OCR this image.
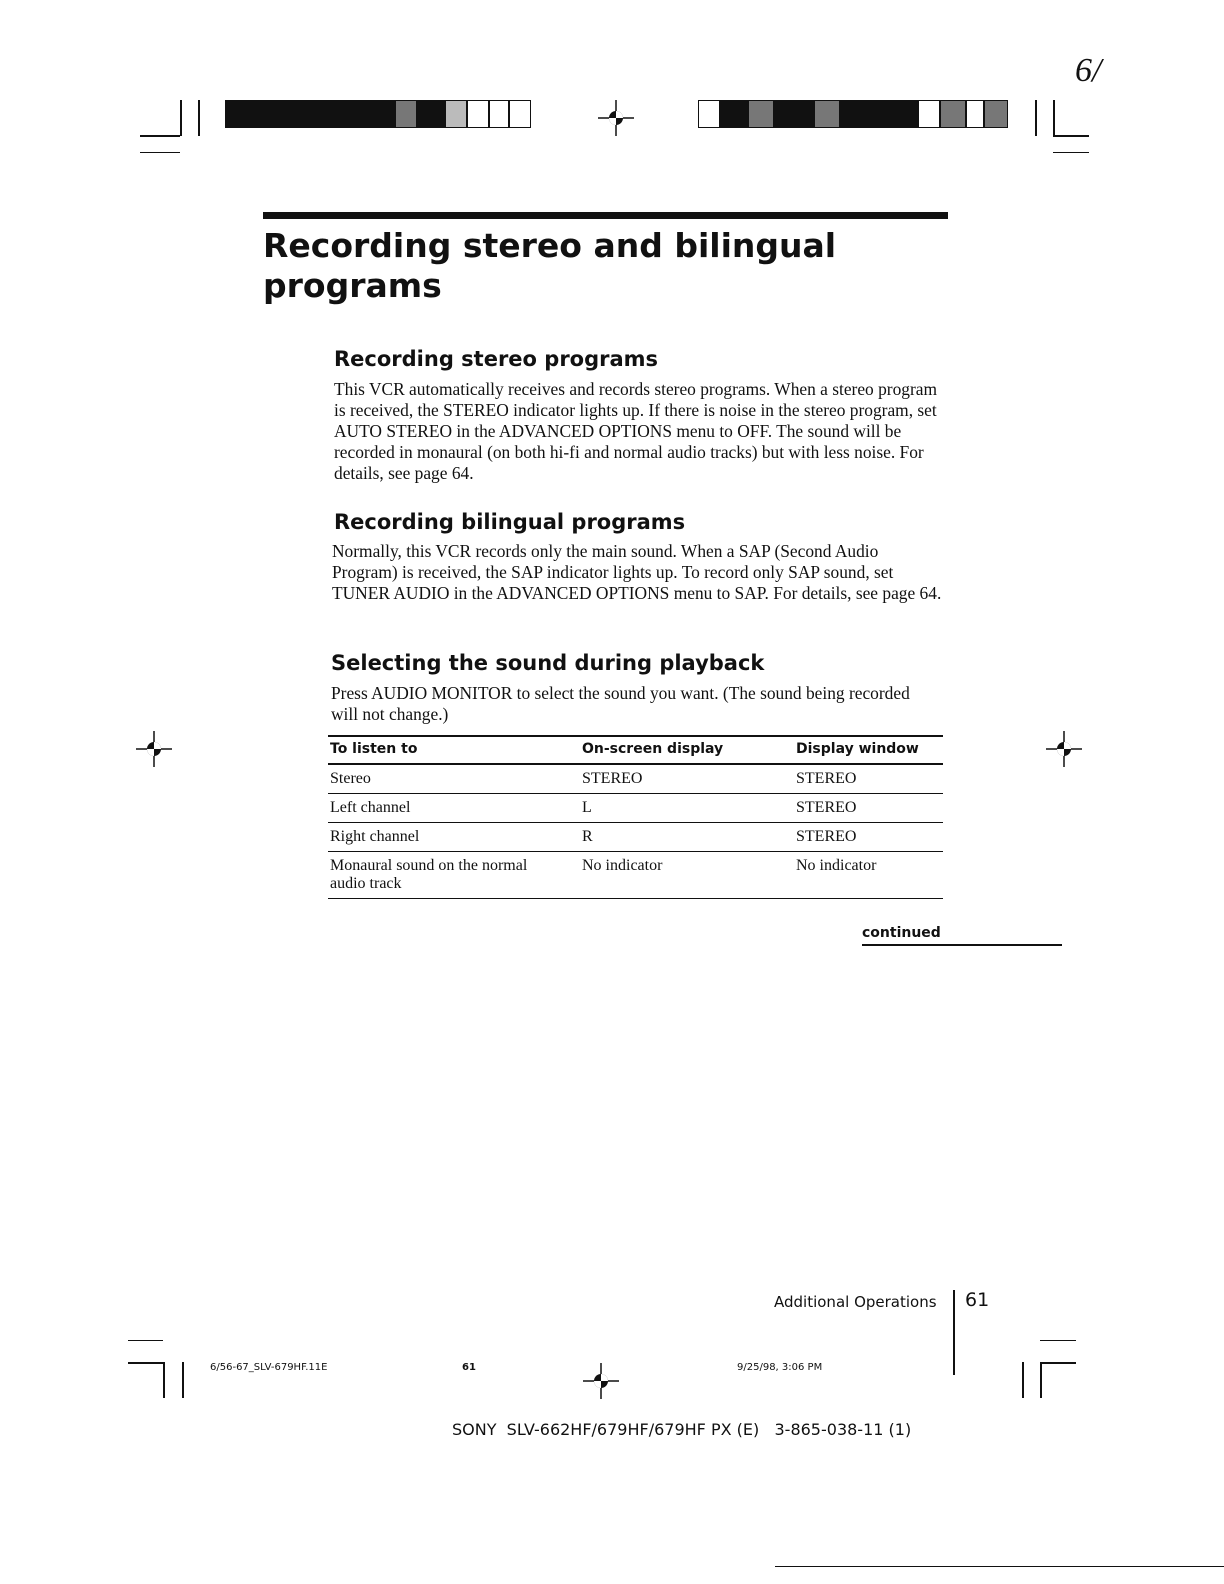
6/
Recording stereo and bilingual programs
Recording stereo programs
This VCR automatically receives and records stereo programs. When a stereo program is received, the STEREO indicator lights up. If there is noise in the stereo program, set AUTO STEREO in the ADVANCED OPTIONS menu to OFF. The sound will be recorded in monaural (on both hi-fi and normal audio tracks) but with less noise. For details, see page 64.
Recording bilingual programs
Normally, this VCR records only the main sound. When a SAP (Second Audio Program) is received, the SAP indicator lights up. To record only SAP sound, set TUNER AUDIO in the ADVANCED OPTIONS menu to SAP. For details, see page 64.
Selecting the sound during playback
Press AUDIO MONITOR to select the sound you want. (The sound being recorded will not change.)
To listen to	On-screen display	Display window
Stereo	STEREO	STEREO
Left channel	L	STEREO
Right channel	R	STEREO
Monaural sound on the normal audio track	No indicator	No indicator
continued
Additional Operations 61
6/56-67_SLV-679HF.11E	61	9/25/98, 3:06 PM
SONY  SLV-662HF/679HF/679HF PX (E)   3-865-038-11 (1)
